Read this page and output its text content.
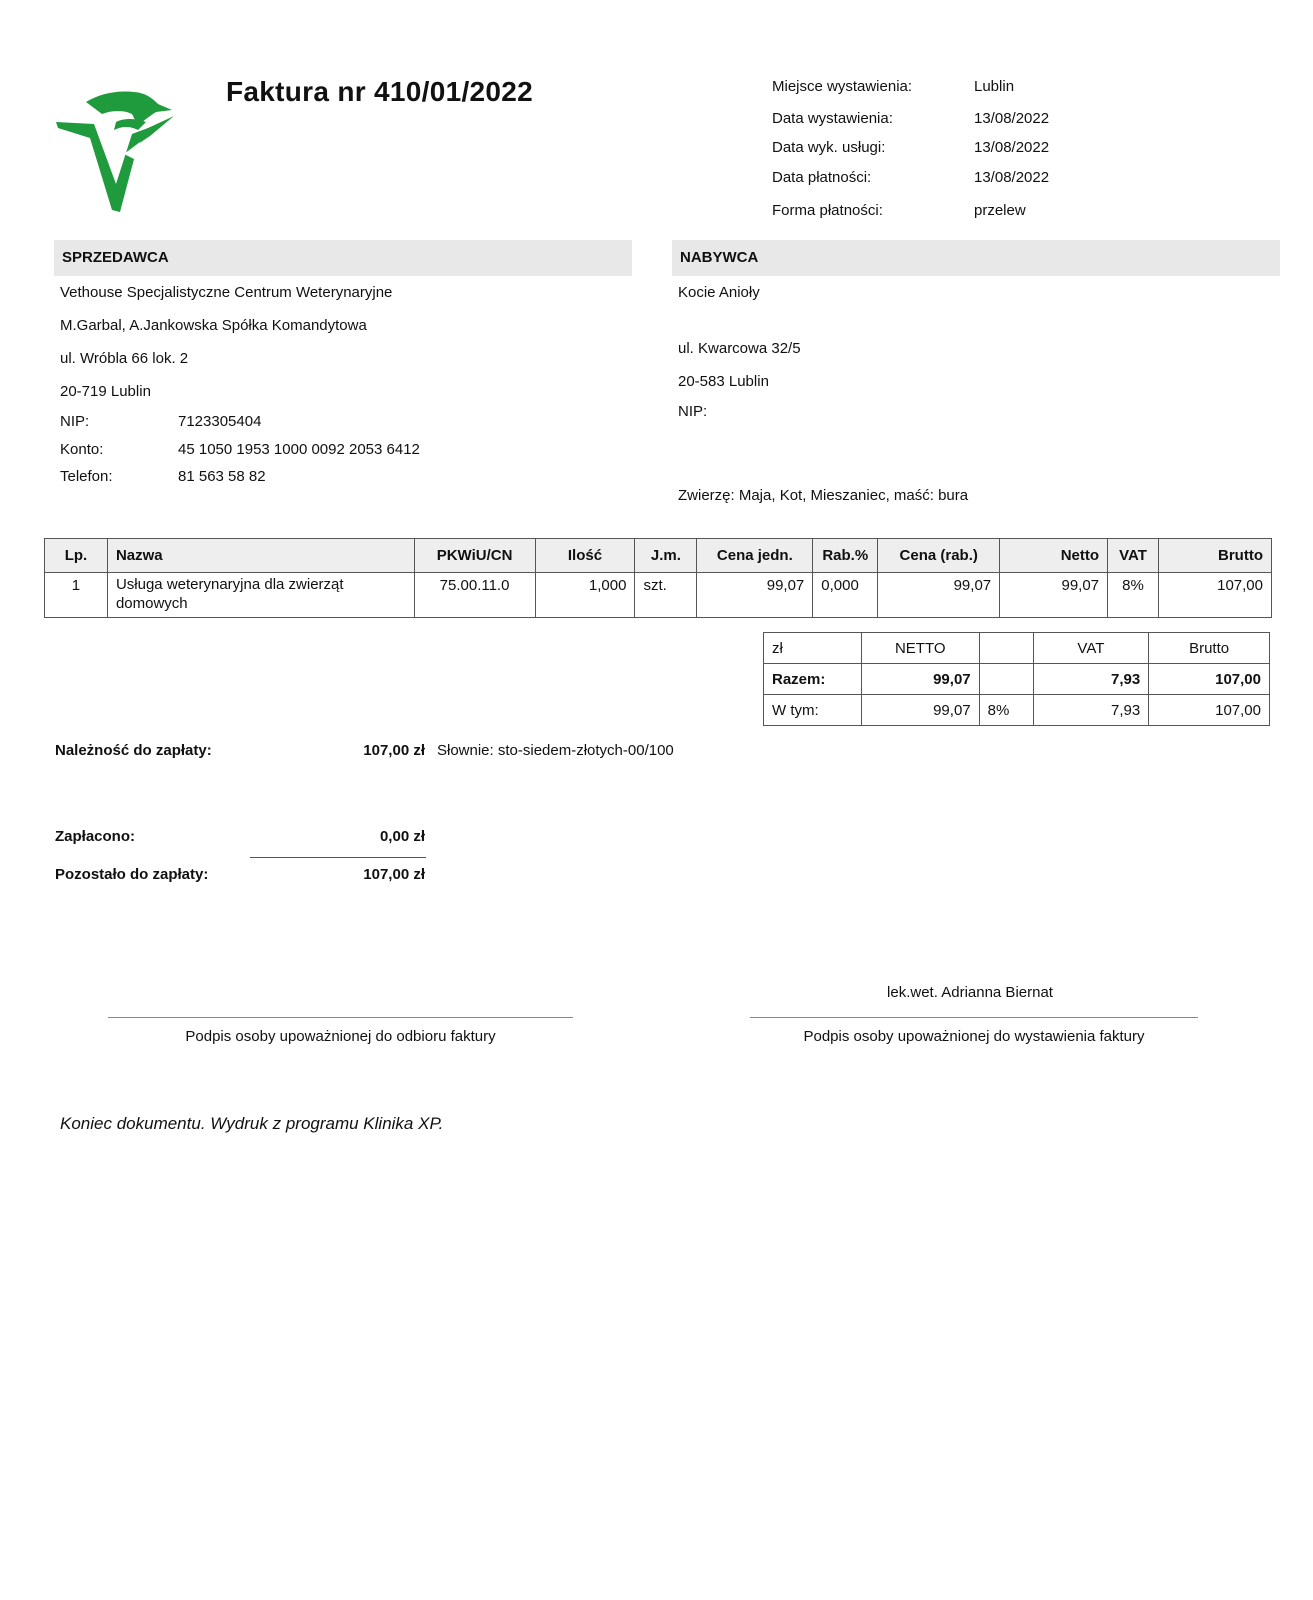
Faktura nr 410/01/2022	Miejsce wystawienia:	Lublin
Data wystawienia:	13/08/2022
Data wyk. usługi:	13/08/2022
Data płatności:	13/08/2022
Forma płatności:	przelew
SPRZEDAWCA
Vethouse Specjalistyczne Centrum Weterynaryjne
M.Garbal, A.Jankowska Spółka Komandytowa
ul. Wróbla 66 lok. 2
20-719 Lublin
NIP:	7123305404
Konto:	45 1050 1953 1000 0092 2053 6412
Telefon:	81 563 58 82
NABYWCA
Kocie Anioły
ul. Kwarcowa 32/5
20-583 Lublin
NIP:
Zwierzę: Maja, Kot, Mieszaniec, maść: bura
Lp.	Nazwa	PKWiU/CN	Ilość	J.m.	Cena jedn.	Rab.%	Cena (rab.)	Netto	VAT	Brutto
1	Usługa weterynaryjna dla zwierząt domowych	75.00.11.0	1,000	szt.	99,07	0,000	99,07	99,07	8%	107,00
zł	NETTO		VAT	Brutto
Razem:	99,07		7,93	107,00
W tym:	99,07	8%	7,93	107,00
Należność do zapłaty:	107,00 zł Słownie: sto-siedem-złotych-00/100
Zapłacono:	0,00 zł
Pozostało do zapłaty:	107,00 zł
lek.wet. Adrianna Biernat
Podpis osoby upoważnionej do odbioru faktury	Podpis osoby upoważnionej do wystawienia faktury
Koniec dokumentu. Wydruk z programu Klinika XP.
